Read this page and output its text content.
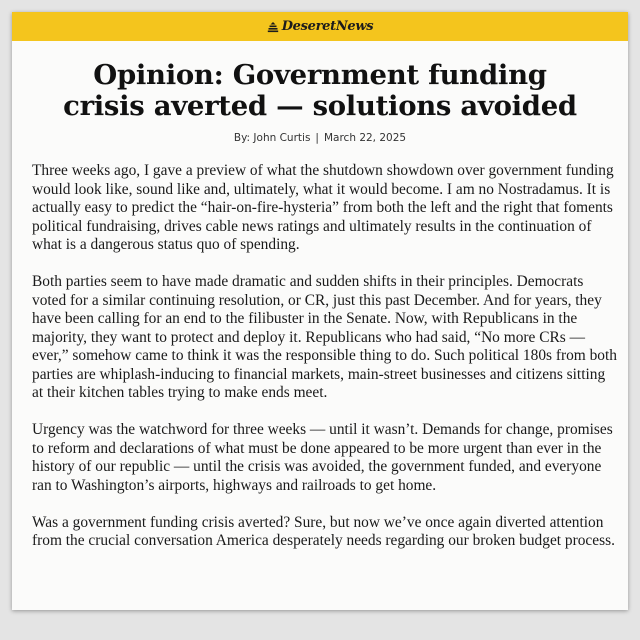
DeseretNews
Opinion: Government funding
crisis averted — solutions avoided
By: John Curtis | March 22, 2025

Three weeks ago, I gave a preview of what the shutdown showdown over government funding would look like, sound like and, ultimately, what it would become. I am no Nostradamus. It is actually easy to predict the “hair-on-fire-hysteria” from both the left and the right that foments political fundraising, drives cable news ratings and ultimately results in the continuation of what is a dangerous status quo of spending.

Both parties seem to have made dramatic and sudden shifts in their principles. Democrats voted for a similar continuing resolution, or CR, just this past December. And for years, they have been calling for an end to the filibuster in the Senate. Now, with Republicans in the majority, they want to protect and deploy it. Republicans who had said, “No more CRs — ever,” somehow came to think it was the responsible thing to do. Such political 180s from both parties are whiplash-inducing to financial markets, main-street businesses and citizens sitting at their kitchen tables trying to make ends meet.

Urgency was the watchword for three weeks — until it wasn’t. Demands for change, promises to reform and declarations of what must be done appeared to be more urgent than ever in the history of our republic — until the crisis was avoided, the government funded, and everyone ran to Washington’s airports, highways and railroads to get home.

Was a government funding crisis averted? Sure, but now we’ve once again diverted attention from the crucial conversation America desperately needs regarding our broken budget process.
